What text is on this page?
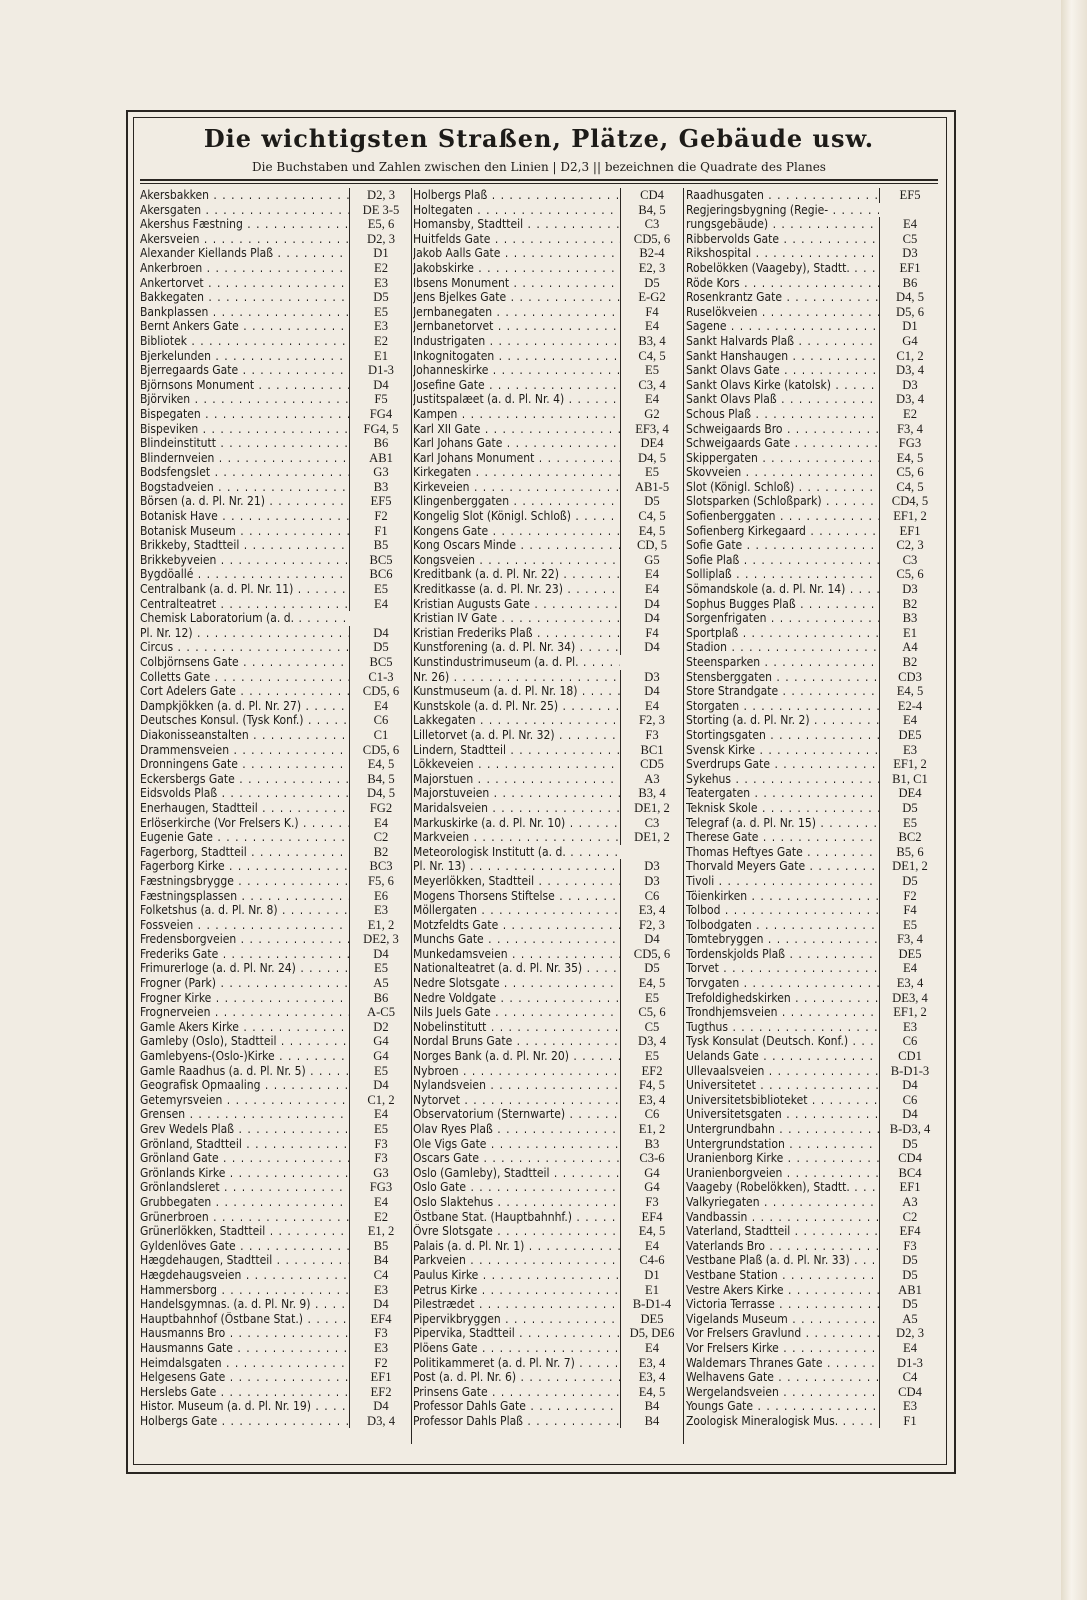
Die wichtigsten Straßen, Plätze, Gebäude usw.
Die Buchstaben und Zahlen zwischen den Linien | D2,3 || bezeichnen die Quadrate des Planes
Akersbakken . . .	D2, 3
Akersgaten . . .	DE 3-5
Akershus Fæstning . . .	E5, 6
Akersveien . . .	D2, 3
Alexander Kiellands Plaß . . .	D1
Ankerbroen . . .	E2
Ankertorvet . . .	E3
Bakkegaten . . .	D5
Bankplassen . . .	E5
Bernt Ankers Gate . . .	E3
Bibliotek . . .	E2
Bjerkelunden . . .	E1
Bjerregaards Gate . . .	D1-3
Björnsons Monument . . .	D4
Björviken . . .	F5
Bispegaten . . .	FG4
Bispeviken . . .	FG4, 5
Blindeinstitutt . . .	B6
Blindernveien . . .	AB1
Bodsfengslet . . .	G3
Bogstadveien . . .	B3
Börsen (a. d. Pl. Nr. 21) . . .	EF5
Botanisk Have . . .	F2
Botanisk Museum . . .	F1
Brikkeby, Stadtteil . . .	B5
Brikkebyveien . . .	BC5
Bygdöallé . . .	BC6
Centralbank (a. d. Pl. Nr. 11) . . .	E5
Centralteatret . . .	E4
Chemisk Laboratorium (a. d. . . .
Pl. Nr. 12) . . .	D4
Circus . . .	D5
Colbjörnsens Gate . . .	BC5
Colletts Gate . . .	C1-3
Cort Adelers Gate . . .	CD5, 6
Dampkjökken (a. d. Pl. Nr. 27) . . .	E4
Deutsches Konsul. (Tysk Konf.) . . .	C6
Diakonisseanstalten . . .	C1
Drammensveien . . .	CD5, 6
Dronningens Gate . . .	E4, 5
Eckersbergs Gate . . .	B4, 5
Eidsvolds Plaß . . .	D4, 5
Enerhaugen, Stadtteil . . .	FG2
Erlöserkirche (Vor Frelsers K.) . . .	E4
Eugenie Gate . . .	C2
Fagerborg, Stadtteil . . .	B2
Fagerborg Kirke . . .	BC3
Fæstningsbrygge . . .	F5, 6
Fæstningsplassen . . .	E6
Folketshus (a. d. Pl. Nr. 8) . . .	E3
Fossveien . . .	E1, 2
Fredensborgveien . . .	DE2, 3
Frederiks Gate . . .	D4
Frimurerloge (a. d. Pl. Nr. 24) . . .	E5
Frogner (Park) . . .	A5
Frogner Kirke . . .	B6
Frognerveien . . .	A-C5
Gamle Akers Kirke . . .	D2
Gamleby (Oslo), Stadtteil . . .	G4
Gamlebyens-(Oslo-)Kirke . . .	G4
Gamle Raadhus (a. d. Pl. Nr. 5) . . .	E5
Geografisk Opmaaling . . .	D4
Getemyrsveien . . .	C1, 2
Grensen . . .	E4
Grev Wedels Plaß . . .	E5
Grönland, Stadtteil . . .	F3
Grönland Gate . . .	F3
Grönlands Kirke . . .	G3
Grönlandsleret . . .	FG3
Grubbegaten . . .	E4
Grünerbroen . . .	E2
Grünerlökken, Stadtteil . . .	E1, 2
Gyldenlöves Gate . . .	B5
Hægdehaugen, Stadtteil . . .	B4
Hægdehaugsveien . . .	C4
Hammersborg . . .	E3
Handelsgymnas. (a. d. Pl. Nr. 9) . . .	D4
Hauptbahnhof (Östbane Stat.) . . .	EF4
Hausmanns Bro . . .	F3
Hausmanns Gate . . .	E3
Heimdalsgaten . . .	F2
Helgesens Gate . . .	EF1
Herslebs Gate . . .	EF2
Histor. Museum (a. d. Pl. Nr. 19) . . .	D4
Holbergs Gate . . .	D3, 4
Holbergs Plaß . . .	CD4
Holtegaten . . .	B4, 5
Homansby, Stadtteil . . .	C3
Huitfelds Gate . . .	CD5, 6
Jakob Aalls Gate . . .	B2-4
Jakobskirke . . .	E2, 3
Ibsens Monument . . .	D5
Jens Bjelkes Gate . . .	E-G2
Jernbanegaten . . .	F4
Jernbanetorvet . . .	E4
Industrigaten . . .	B3, 4
Inkognitogaten . . .	C4, 5
Johanneskirke . . .	E5
Josefine Gate . . .	C3, 4
Justitspalæet (a. d. Pl. Nr. 4) . . .	E4
Kampen . . .	G2
Karl XII Gate . . .	EF3, 4
Karl Johans Gate . . .	DE4
Karl Johans Monument . . .	D4, 5
Kirkegaten . . .	E5
Kirkeveien . . .	AB1-5
Klingenberggaten . . .	D5
Kongelig Slot (Königl. Schloß) . . .	C4, 5
Kongens Gate . . .	E4, 5
Kong Oscars Minde . . .	CD, 5
Kongsveien . . .	G5
Kreditbank (a. d. Pl. Nr. 22) . . .	E4
Kreditkasse (a. d. Pl. Nr. 23) . . .	E4
Kristian Augusts Gate . . .	D4
Kristian IV Gate . . .	D4
Kristian Frederiks Plaß . . .	F4
Kunstforening (a. d. Pl. Nr. 34) . . .	D4
Kunstindustrimuseum (a. d. Pl. . . .
Nr. 26) . . .	D3
Kunstmuseum (a. d. Pl. Nr. 18) . . .	D4
Kunstskole (a. d. Pl. Nr. 25) . . .	E4
Lakkegaten . . .	F2, 3
Lilletorvet (a. d. Pl. Nr. 32) . . .	F3
Lindern, Stadtteil . . .	BC1
Lökkeveien . . .	CD5
Majorstuen . . .	A3
Majorstuveien . . .	B3, 4
Maridalsveien . . .	DE1, 2
Markuskirke (a. d. Pl. Nr. 10) . . .	C3
Markveien . . .	DE1, 2
Meteorologisk Institutt (a. d. . . .
Pl. Nr. 13) . . .	D3
Meyerlökken, Stadtteil . . .	D3
Mogens Thorsens Stiftelse . . .	C6
Möllergaten . . .	E3, 4
Motzfeldts Gate . . .	F2, 3
Munchs Gate . . .	D4
Munkedamsveien . . .	CD5, 6
Nationalteatret (a. d. Pl. Nr. 35) . . .	D5
Nedre Slotsgate . . .	E4, 5
Nedre Voldgate . . .	E5
Nils Juels Gate . . .	C5, 6
Nobelinstitutt . . .	C5
Nordal Bruns Gate . . .	D3, 4
Norges Bank (a. d. Pl. Nr. 20) . . .	E5
Nybroen . . .	EF2
Nylandsveien . . .	F4, 5
Nytorvet . . .	E3, 4
Observatorium (Sternwarte) . . .	C6
Olav Ryes Plaß . . .	E1, 2
Ole Vigs Gate . . .	B3
Oscars Gate . . .	C3-6
Oslo (Gamleby), Stadtteil . . .	G4
Oslo Gate . . .	G4
Oslo Slaktehus . . .	F3
Östbane Stat. (Hauptbahnhf.) . . .	EF4
Övre Slotsgate . . .	E4, 5
Palais (a. d. Pl. Nr. 1) . . .	E4
Parkveien . . .	C4-6
Paulus Kirke . . .	D1
Petrus Kirke . . .	E1
Pilestrædet . . .	B-D1-4
Pipervikbryggen . . .	DE5
Pipervika, Stadtteil . . .	D5, DE6
Plöens Gate . . .	E4
Politikammeret (a. d. Pl. Nr. 7) . . .	E3, 4
Post (a. d. Pl. Nr. 6) . . .	E3, 4
Prinsens Gate . . .	E4, 5
Professor Dahls Gate . . .	B4
Professor Dahls Plaß . . .	B4
Raadhusgaten . . .	EF5
Regjeringsbygning (Regie- . . .
rungsgebäude) . . .	E4
Ribbervolds Gate . . .	C5
Rikshospital . . .	D3
Robelökken (Vaageby), Stadtt. . . .	EF1
Röde Kors . . .	B6
Rosenkrantz Gate . . .	D4, 5
Ruselökveien . . .	D5, 6
Sagene . . .	D1
Sankt Halvards Plaß . . .	G4
Sankt Hanshaugen . . .	C1, 2
Sankt Olavs Gate . . .	D3, 4
Sankt Olavs Kirke (katolsk) . . .	D3
Sankt Olavs Plaß . . .	D3, 4
Schous Plaß . . .	E2
Schweigaards Bro . . .	F3, 4
Schweigaards Gate . . .	FG3
Skippergaten . . .	E4, 5
Skovveien . . .	C5, 6
Slot (Königl. Schloß) . . .	C4, 5
Slotsparken (Schloßpark) . . .	CD4, 5
Sofienberggaten . . .	EF1, 2
Sofienberg Kirkegaard . . .	EF1
Sofie Gate . . .	C2, 3
Sofie Plaß . . .	C3
Solliplaß . . .	C5, 6
Sömandskole (a. d. Pl. Nr. 14) . . .	D3
Sophus Bugges Plaß . . .	B2
Sorgenfrigaten . . .	B3
Sportplaß . . .	E1
Stadion . . .	A4
Steensparken . . .	B2
Stensberggaten . . .	CD3
Store Strandgate . . .	E4, 5
Storgaten . . .	E2-4
Storting (a. d. Pl. Nr. 2) . . .	E4
Stortingsgaten . . .	DE5
Svensk Kirke . . .	E3
Sverdrups Gate . . .	EF1, 2
Sykehus . . .	B1, C1
Teatergaten . . .	DE4
Teknisk Skole . . .	D5
Telegraf (a. d. Pl. Nr. 15) . . .	E5
Therese Gate . . .	BC2
Thomas Heftyes Gate . . .	B5, 6
Thorvald Meyers Gate . . .	DE1, 2
Tivoli . . .	D5
Töienkirken . . .	F2
Tolbod . . .	F4
Tolbodgaten . . .	E5
Tomtebryggen . . .	F3, 4
Tordenskjolds Plaß . . .	DE5
Torvet . . .	E4
Torvgaten . . .	E3, 4
Trefoldighedskirken . . .	DE3, 4
Trondhjemsveien . . .	EF1, 2
Tugthus . . .	E3
Tysk Konsulat (Deutsch. Konf.) . . .	C6
Uelands Gate . . .	CD1
Ullevaalsveien . . .	B-D1-3
Universitetet . . .	D4
Universitetsbiblioteket . . .	C6
Universitetsgaten . . .	D4
Untergrundbahn . . .	B-D3, 4
Untergrundstation . . .	D5
Uranienborg Kirke . . .	CD4
Uranienborgveien . . .	BC4
Vaageby (Robelökken), Stadtt. . . .	EF1
Valkyriegaten . . .	A3
Vandbassin . . .	C2
Vaterland, Stadtteil . . .	EF4
Vaterlands Bro . . .	F3
Vestbane Plaß (a. d. Pl. Nr. 33) . . .	D5
Vestbane Station . . .	D5
Vestre Akers Kirke . . .	AB1
Victoria Terrasse . . .	D5
Vigelands Museum . . .	A5
Vor Frelsers Gravlund . . .	D2, 3
Vor Frelsers Kirke . . .	E4
Waldemars Thranes Gate . . .	D1-3
Welhavens Gate . . .	C4
Wergelandsveien . . .	CD4
Youngs Gate . . .	E3
Zoologisk Mineralogisk Mus. . . .	F1
